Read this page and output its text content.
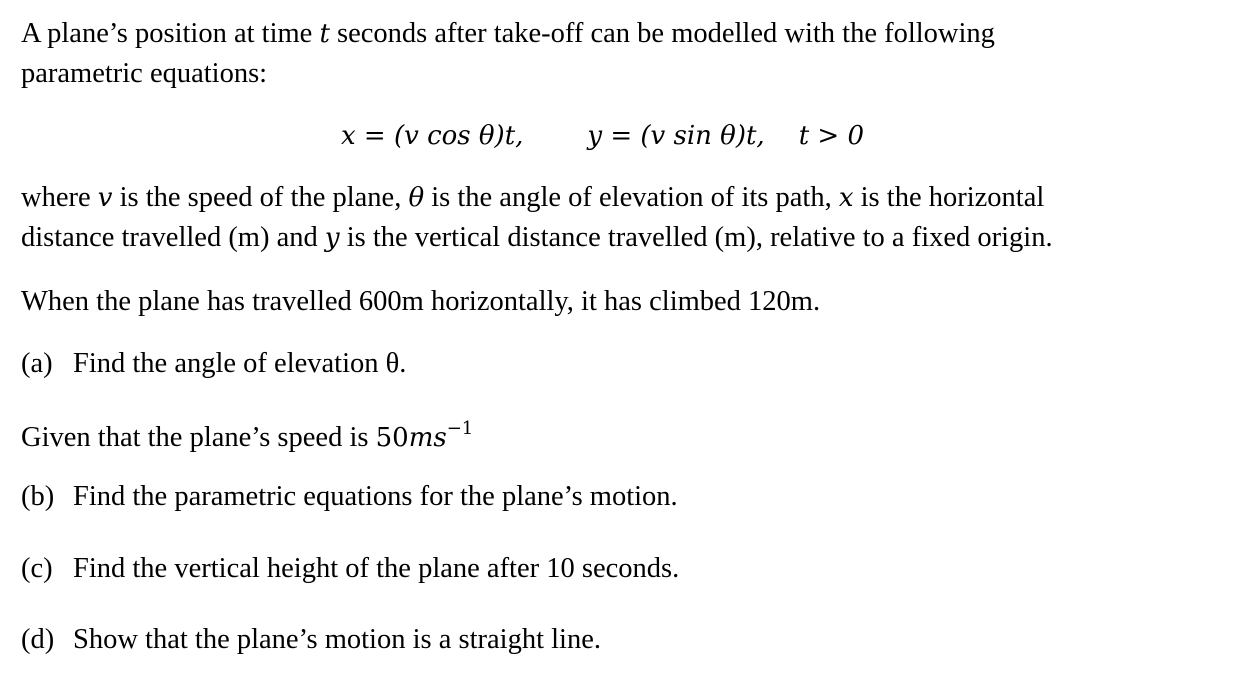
A plane’s position at time t seconds after take-off can be modelled with the following

parametric equations:

x = (v cos θ)t, y = (v sin θ)t, t > 0

where v is the speed of the plane, θ is the angle of elevation of its path, x is the horizontal

distance travelled (m) and y is the vertical distance travelled (m), relative to a fixed origin.

When the plane has travelled 600m horizontally, it has climbed 120m.

(a) Find the angle of elevation θ.

Given that the plane’s speed is $50ms^{-1}$

(b) Find the parametric equations for the plane’s motion.

(c) Find the vertical height of the plane after 10 seconds.

(d) Show that the plane’s motion is a straight line.
